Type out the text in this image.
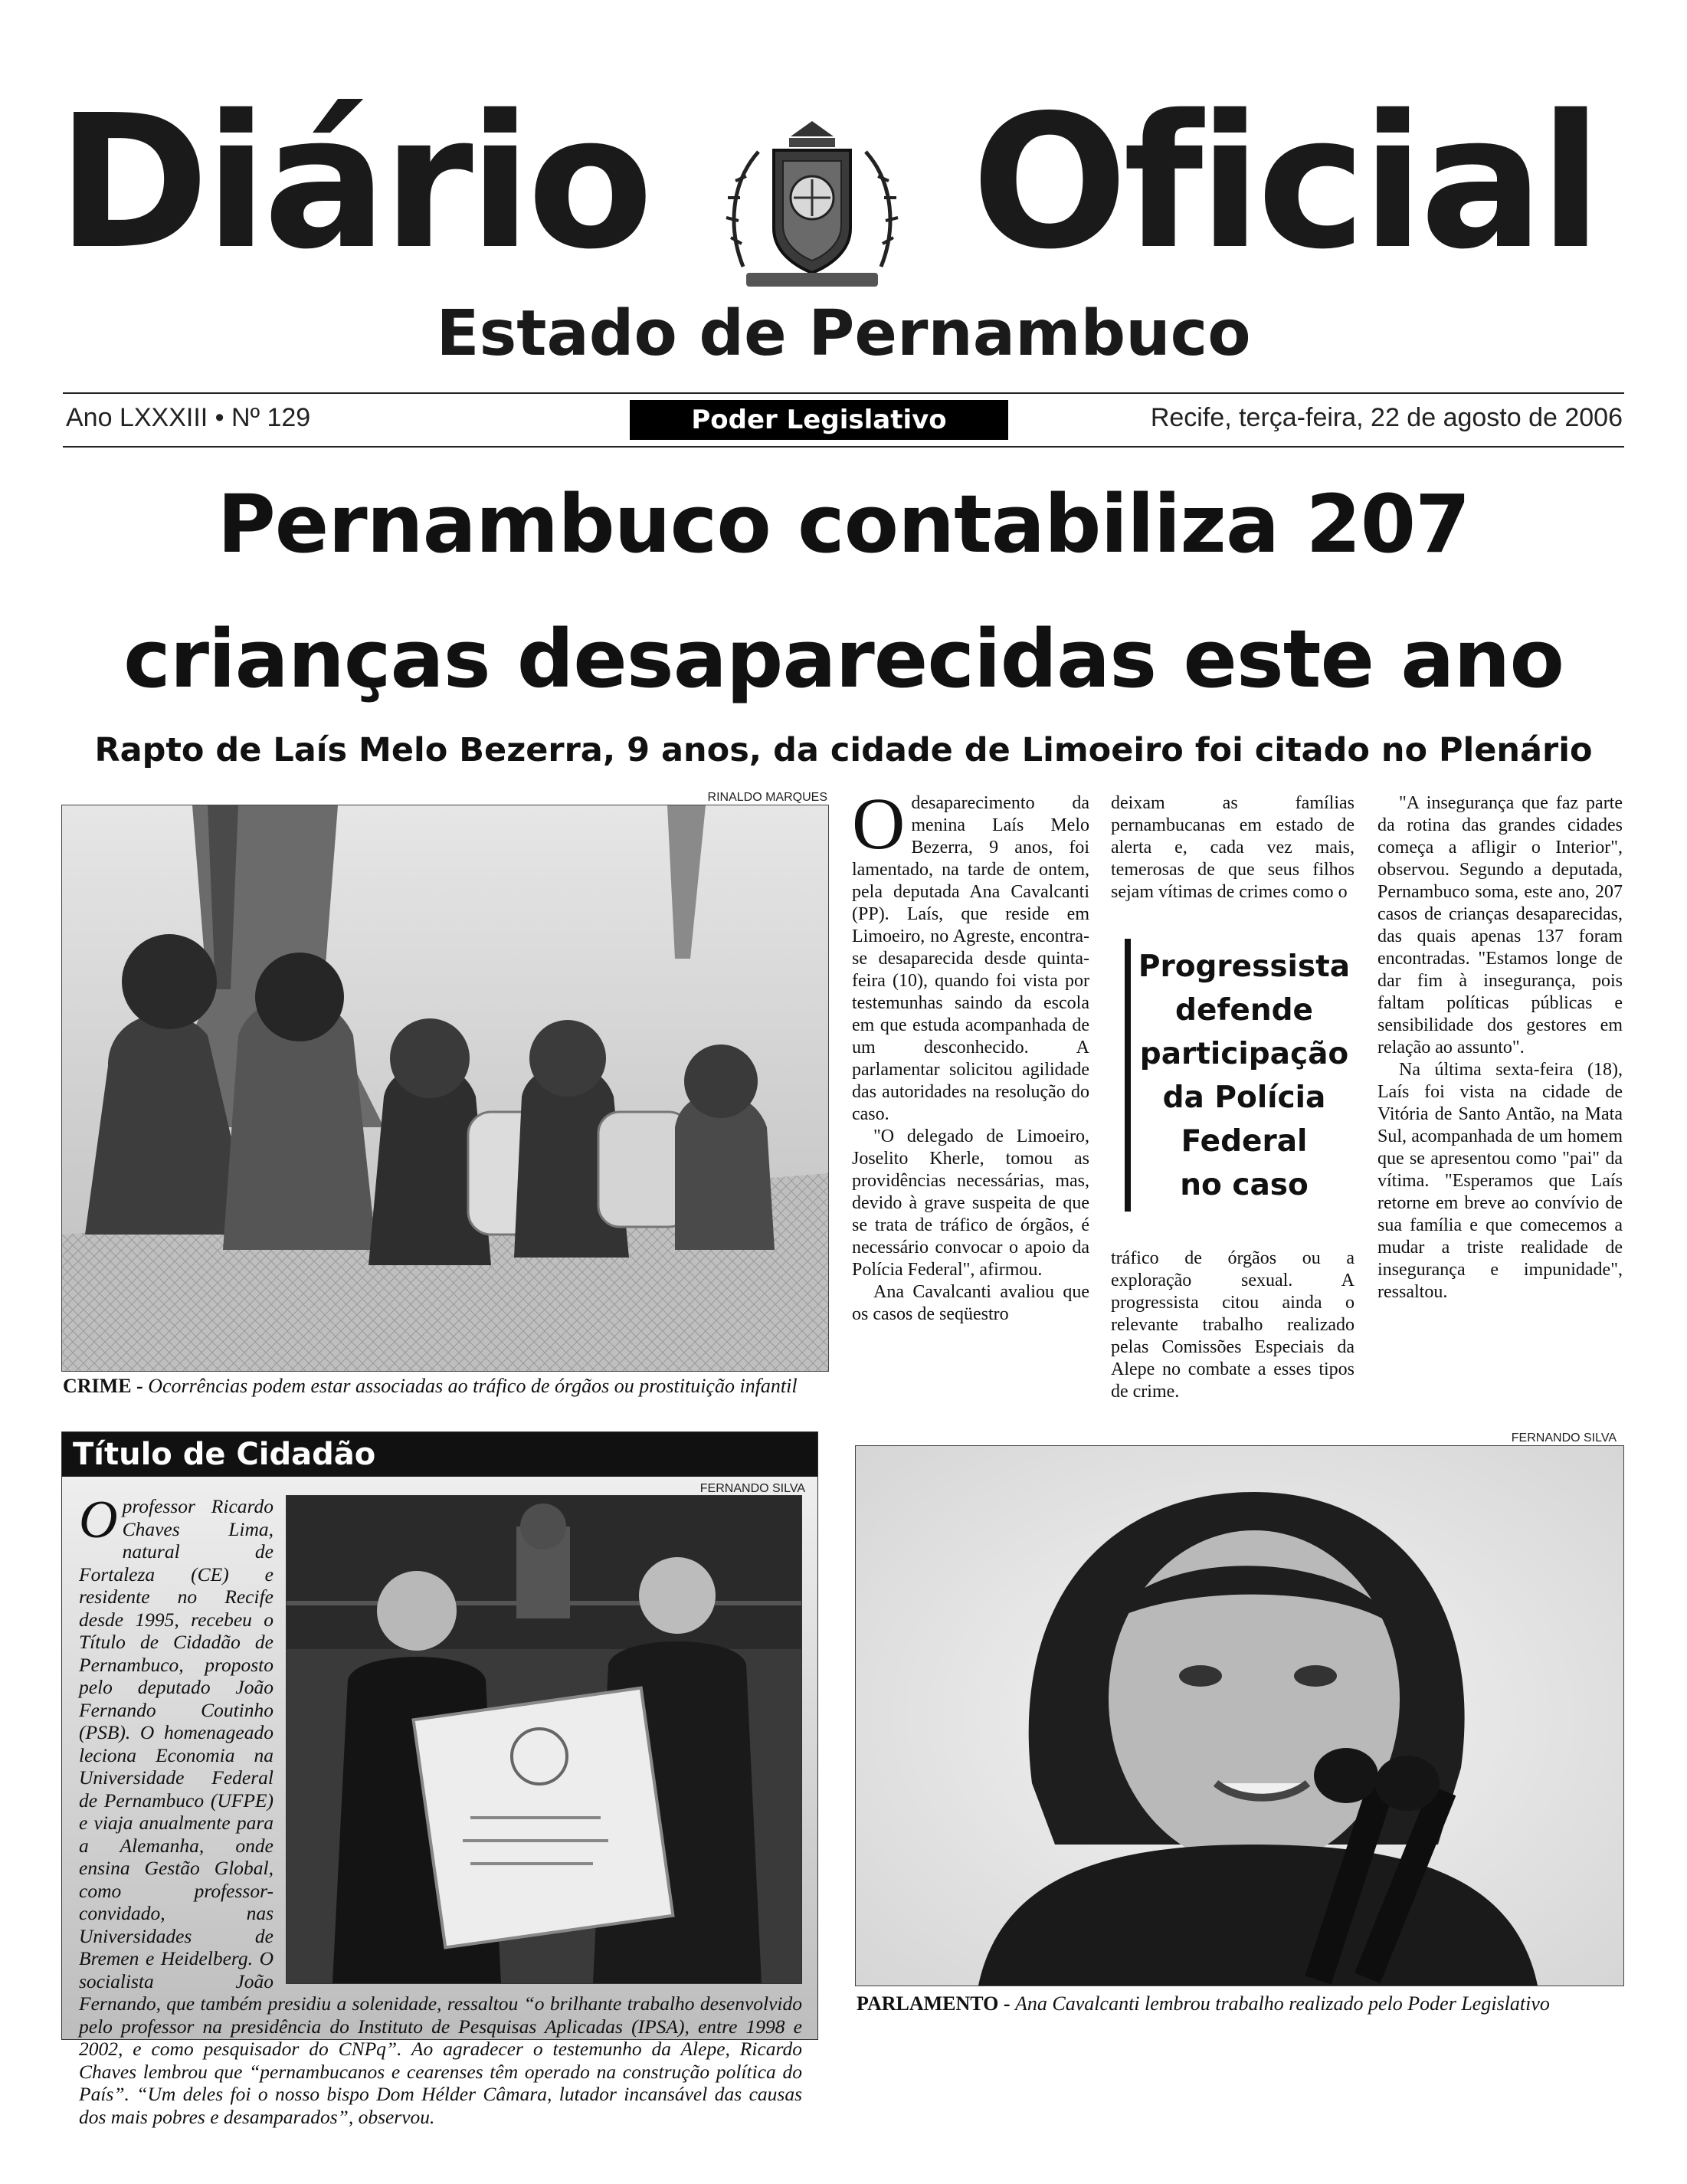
Diário Oficial
Estado de Pernambuco
Ano LXXXIII • Nº 129	Poder Legislativo	Recife, terça-feira, 22 de agosto de 2006
Pernambuco contabiliza 207
crianças desaparecidas este ano
Rapto de Laís Melo Bezerra, 9 anos, da cidade de Limoeiro foi citado no Plenário
RINALDO MARQUES
CRIME - Ocorrências podem estar associadas ao tráfico de órgãos ou prostituição infantil

Odesaparecimento da menina Laís Melo Bezerra, 9 anos, foi lamentado, na tarde de ontem, pela deputada Ana Cavalcanti (PP). Laís, que reside em Limoeiro, no Agreste, encontra-se desaparecida desde quinta-feira (10), quando foi vista por testemunhas saindo da escola em que estuda acompanhada de um desconhecido. A parlamentar solicitou agilidade das autoridades na resolução do caso.

"O delegado de Limoeiro, Joselito Kherle, tomou as providências necessárias, mas, devido à grave suspeita de que se trata de tráfico de órgãos, é necessário convocar o apoio da Polícia Federal", afirmou.

Ana Cavalcanti avaliou que os casos de seqüestro

deixam as famílias pernambucanas em estado de alerta e, cada vez mais, temerosas de que seus filhos sejam vítimas de crimes como o

Progressista
defende
participação
da Polícia
Federal
no caso

tráfico de órgãos ou a exploração sexual. A progressista citou ainda o relevante trabalho realizado pelas Comissões Especiais da Alepe no combate a esses tipos de crime.

"A insegurança que faz parte da rotina das grandes cidades começa a afligir o Interior", observou. Segundo a deputada, Pernambuco soma, este ano, 207 casos de crianças desaparecidas, das quais apenas 137 foram encontradas. "Estamos longe de dar fim à insegurança, pois faltam políticas públicas e sensibilidade dos gestores em relação ao assunto".

Na última sexta-feira (18), Laís foi vista na cidade de Vitória de Santo Antão, na Mata Sul, acompanhada de um homem que se apresentou como "pai" da vítima. "Esperamos que Laís retorne em breve ao convívio de sua família e que comecemos a mudar a triste realidade de insegurança e impunidade", ressaltou.

Título de Cidadão
FERNANDO SILVA
Oprofessor Ricardo Chaves Lima, natural de Fortaleza (CE) e residente no Recife desde 1995, recebeu o Título de Cidadão de Pernambuco, proposto pelo deputado João Fernando Coutinho (PSB). O homenageado leciona Economia na Universidade Federal de Pernambuco (UFPE) e viaja anualmente para a Alemanha, onde ensina Gestão Global, como professor-convidado, nas Universidades de Bremen e Heidelberg. O socialista João Fernando, que também presidiu a solenidade, ressaltou “o brilhante trabalho desenvolvido pelo professor na presidência do Instituto de Pesquisas Aplicadas (IPSA), entre 1998 e 2002, e como pesquisador do CNPq”. Ao agradecer o testemunho da Alepe, Ricardo Chaves lembrou que “pernambucanos e cearenses têm operado na construção política do País”. “Um deles foi o nosso bispo Dom Hélder Câmara, lutador incansável das causas dos mais pobres e desamparados”, observou.
FERNANDO SILVA
PARLAMENTO - Ana Cavalcanti lembrou trabalho realizado pelo Poder Legislativo
